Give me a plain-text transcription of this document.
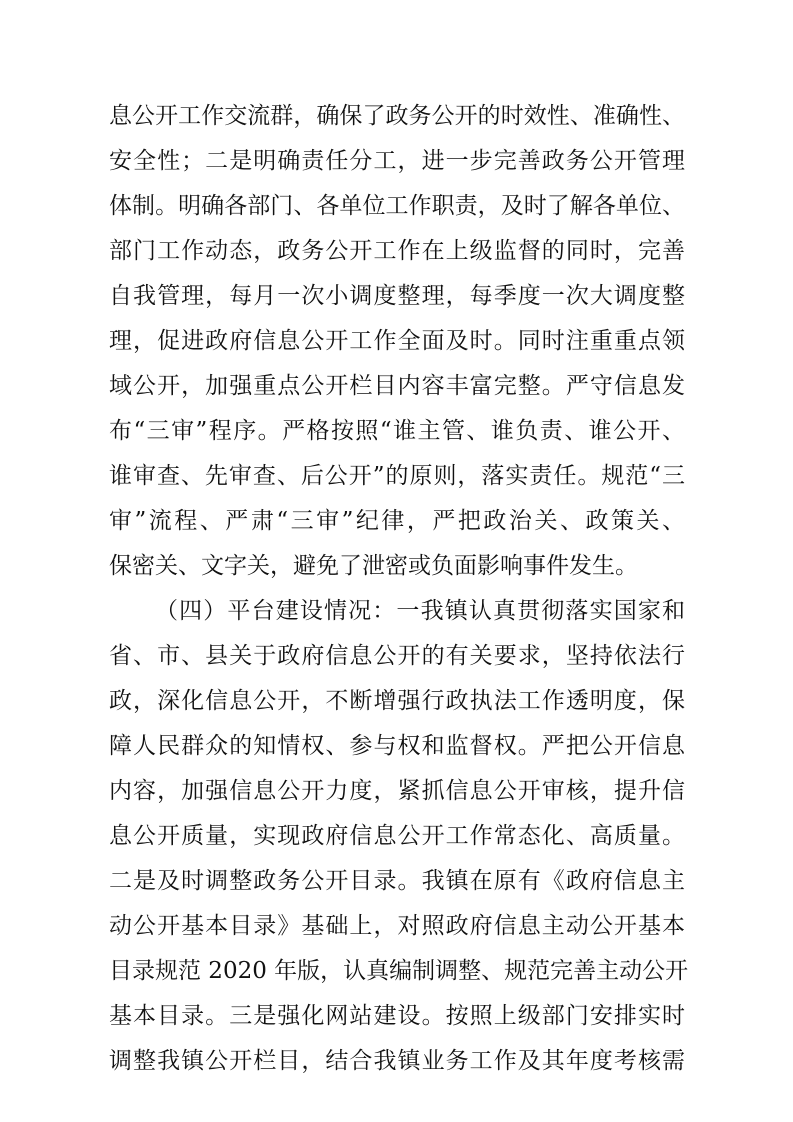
息公开工作交流群，确保了政务公开的时效性、准确性、
安全性；二是明确责任分工，进一步完善政务公开管理
体制。明确各部门、各单位工作职责，及时了解各单位、
部门工作动态，政务公开工作在上级监督的同时，完善
自我管理，每月一次小调度整理，每季度一次大调度整
理，促进政府信息公开工作全面及时。同时注重重点领
域公开，加强重点公开栏目内容丰富完整。严守信息发
布“三审”程序。严格按照“谁主管、谁负责、谁公开、
谁审查、先审查、后公开”的原则，落实责任。规范“三
审”流程、严肃“三审”纪律，严把政治关、政策关、
保密关、文字关，避免了泄密或负面影响事件发生。
（四）平台建设情况：一我镇认真贯彻落实国家和
省、市、县关于政府信息公开的有关要求，坚持依法行
政，深化信息公开，不断增强行政执法工作透明度，保
障人民群众的知情权、参与权和监督权。严把公开信息
内容，加强信息公开力度，紧抓信息公开审核，提升信
息公开质量，实现政府信息公开工作常态化、高质量。
二是及时调整政务公开目录。我镇在原有《政府信息主
动公开基本目录》基础上，对照政府信息主动公开基本
目录规范 2020 年版，认真编制调整、规范完善主动公开
基本目录。三是强化网站建设。按照上级部门安排实时
调整我镇公开栏目，结合我镇业务工作及其年度考核需
